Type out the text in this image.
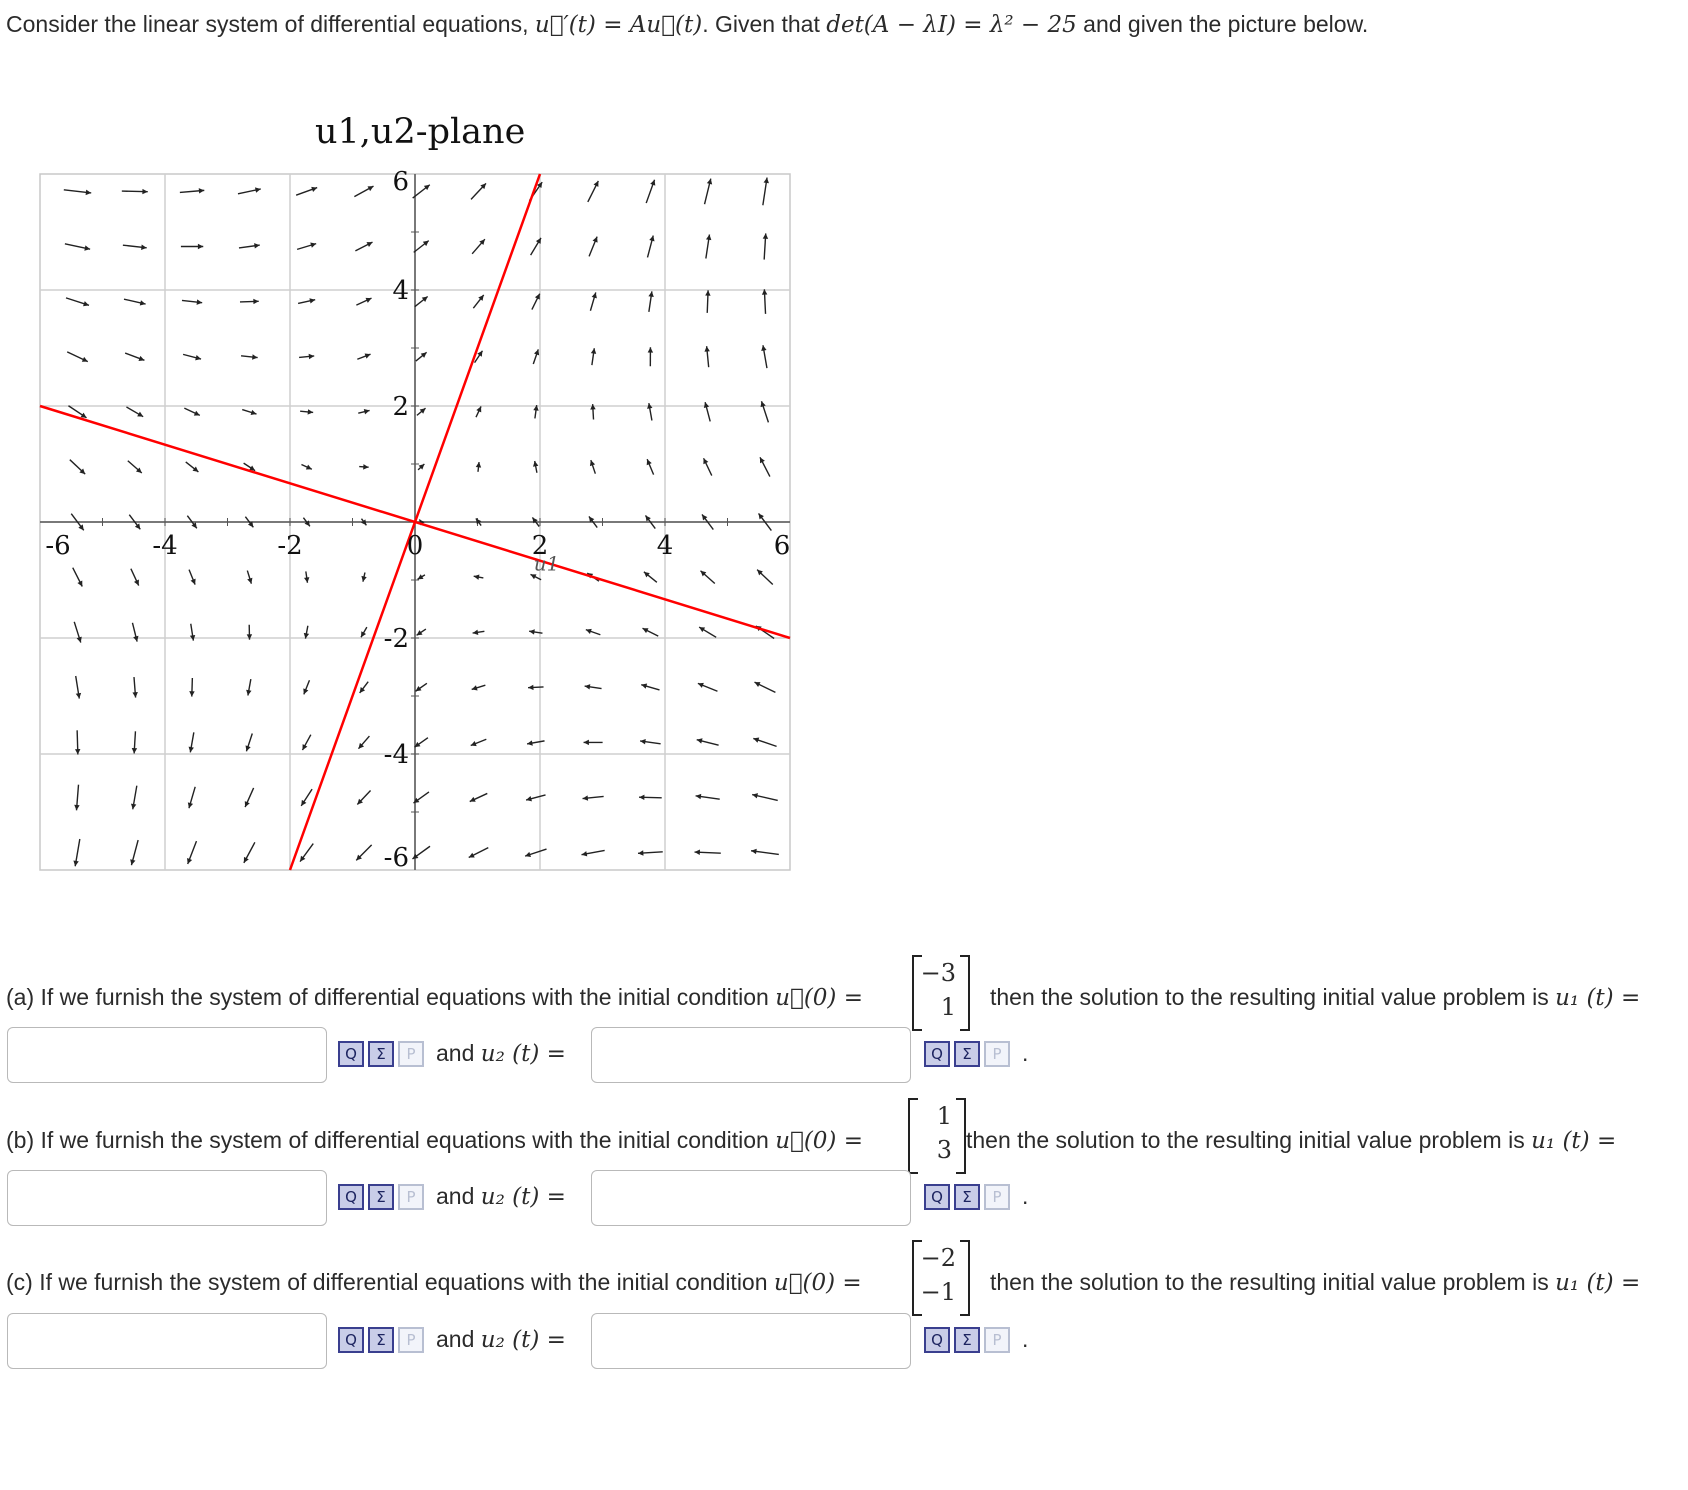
Consider the linear system of differential equations, u⃗′(t) = Au⃗(t). Given that det(A − λI) = λ² − 25 and given the picture below.
u1,u2-plane
-6	-4	-2	0	2	4	6
6
4
2
-2
-4
-6
u1
(a) If we furnish the system of differential equations with the initial condition u⃗(0) =
−3
1 then the solution to the resulting initial value problem is u₁ (t) =
Q	Σ	P and u₂ (t) =	Q	Σ	P .
(b) If we furnish the system of differential equations with the initial condition u⃗(0) =
1
3 then the solution to the resulting initial value problem is u₁ (t) =
Q	Σ	P and u₂ (t) =	Q	Σ	P .
(c) If we furnish the system of differential equations with the initial condition u⃗(0) =
−2
−1 then the solution to the resulting initial value problem is u₁ (t) =
Q	Σ	P and u₂ (t) =	Q	Σ	P .
